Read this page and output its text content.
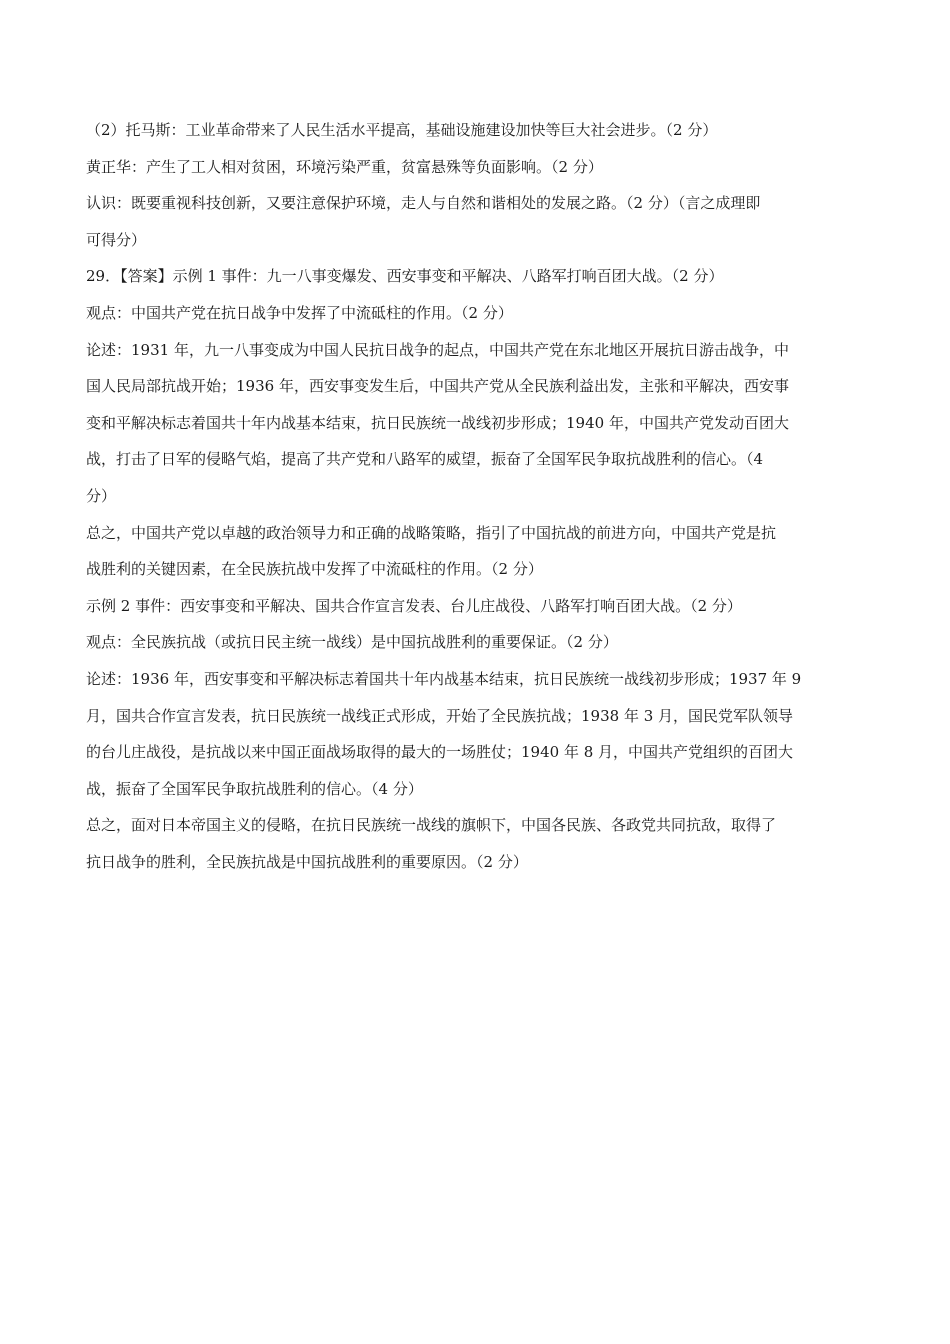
（2）托马斯：工业革命带来了人民生活水平提高，基础设施建设加快等巨大社会进步。（2 分）

黄正华：产生了工人相对贫困，环境污染严重，贫富悬殊等负面影响。（2 分）

认识：既要重视科技创新，又要注意保护环境，走人与自然和谐相处的发展之路。（2 分）（言之成理即
可得分）

29．【答案】示例 1 事件：九一八事变爆发、西安事变和平解决、八路军打响百团大战。（2 分）

观点：中国共产党在抗日战争中发挥了中流砥柱的作用。（2 分）

论述：1931 年，九一八事变成为中国人民抗日战争的起点，中国共产党在东北地区开展抗日游击战争，中
国人民局部抗战开始；1936 年，西安事变发生后，中国共产党从全民族利益出发，主张和平解决，西安事
变和平解决标志着国共十年内战基本结束，抗日民族统一战线初步形成；1940 年，中国共产党发动百团大
战，打击了日军的侵略气焰，提高了共产党和八路军的威望，振奋了全国军民争取抗战胜利的信心。（4
分）

总之，中国共产党以卓越的政治领导力和正确的战略策略，指引了中国抗战的前进方向，中国共产党是抗
战胜利的关键因素，在全民族抗战中发挥了中流砥柱的作用。（2 分）

示例 2 事件：西安事变和平解决、国共合作宣言发表、台儿庄战役、八路军打响百团大战。（2 分）

观点：全民族抗战（或抗日民主统一战线）是中国抗战胜利的重要保证。（2 分）

论述：1936 年，西安事变和平解决标志着国共十年内战基本结束，抗日民族统一战线初步形成；1937 年 9
月，国共合作宣言发表，抗日民族统一战线正式形成，开始了全民族抗战；1938 年 3 月，国民党军队领导
的台儿庄战役，是抗战以来中国正面战场取得的最大的一场胜仗；1940 年 8 月，中国共产党组织的百团大
战，振奋了全国军民争取抗战胜利的信心。（4 分）

总之，面对日本帝国主义的侵略，在抗日民族统一战线的旗帜下，中国各民族、各政党共同抗敌，取得了
抗日战争的胜利，全民族抗战是中国抗战胜利的重要原因。（2 分）
